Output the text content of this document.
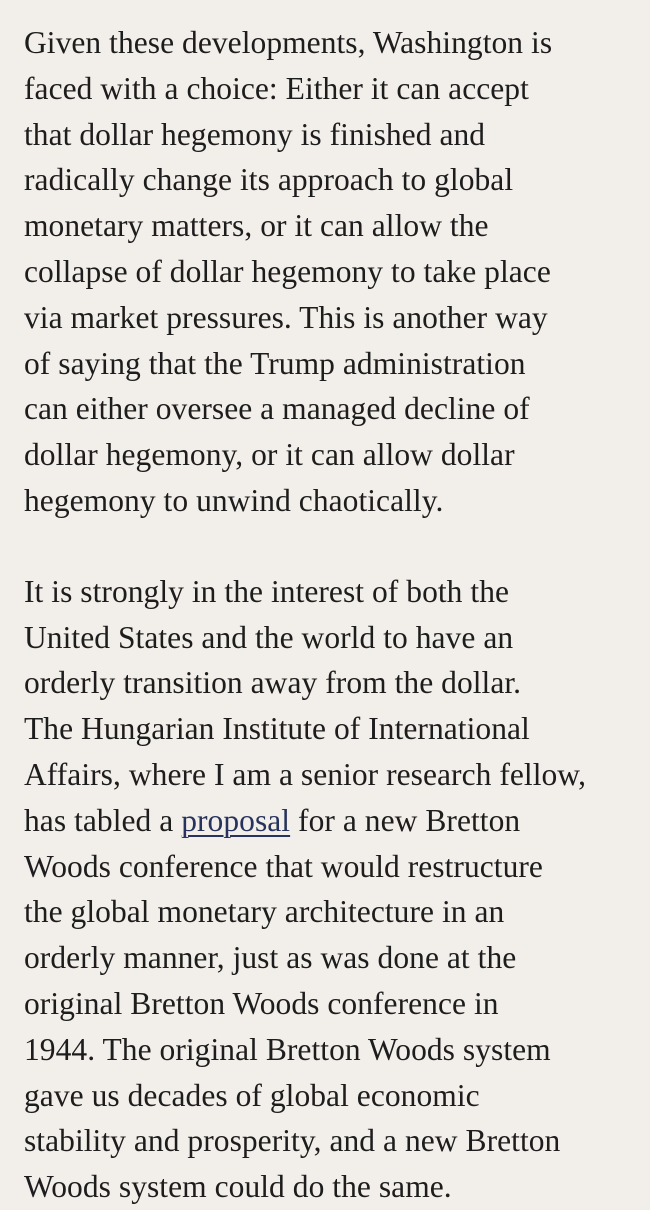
Given these developments, Washington is
faced with a choice: Either it can accept
that dollar hegemony is finished and
radically change its approach to global
monetary matters, or it can allow the
collapse of dollar hegemony to take place
via market pressures. This is another way
of saying that the Trump administration
can either oversee a managed decline of
dollar hegemony, or it can allow dollar
hegemony to unwind chaotically.

It is strongly in the interest of both the
United States and the world to have an
orderly transition away from the dollar.
The Hungarian Institute of International
Affairs, where I am a senior research fellow,
has tabled a proposal for a new Bretton
Woods conference that would restructure
the global monetary architecture in an
orderly manner, just as was done at the
original Bretton Woods conference in
1944. The original Bretton Woods system
gave us decades of global economic
stability and prosperity, and a new Bretton
Woods system could do the same.
